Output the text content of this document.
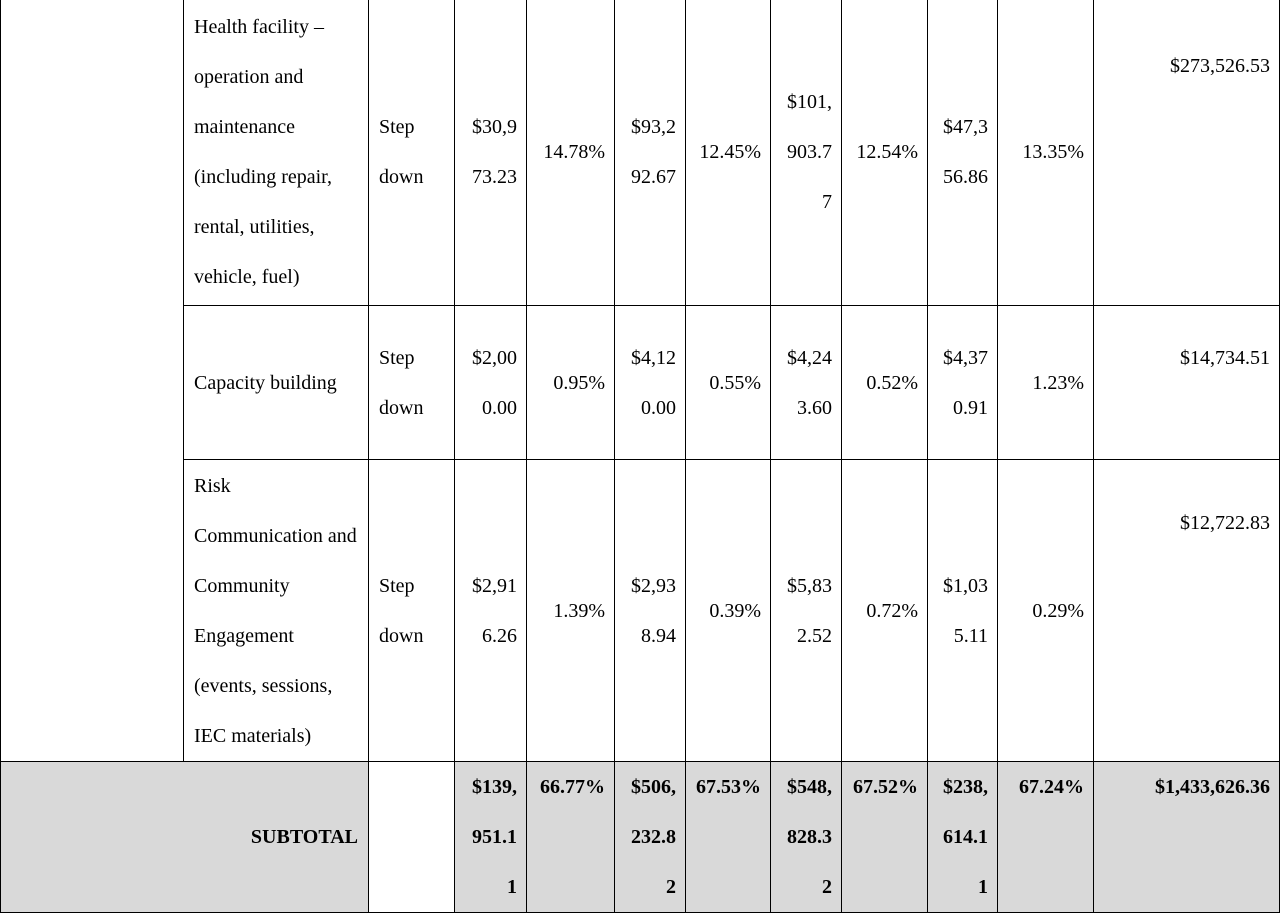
	Health facility – operation and maintenance (including repair, rental, utilities, vehicle, fuel)	Step down	$30,973.23	14.78%	$93,292.67	12.45%	$101,903.77	12.54%	$47,356.86	13.35%	$273,526.53	
	Capacity building	Step down	$2,000.00	0.95%	$4,120.00	0.55%	$4,243.60	0.52%	$4,370.91	1.23%	$14,734.51	
	Risk Communication and Community Engagement (events, sessions, IEC materials)	Step down	$2,916.26	1.39%	$2,938.94	0.39%	$5,832.52	0.72%	$1,035.11	0.29%	$12,722.83	
SUBTOTAL			$139,951.11	66.77%	$506,232.82	67.53%	$548,828.32	67.52%	$238,614.11	67.24%	$1,433,626.36	
